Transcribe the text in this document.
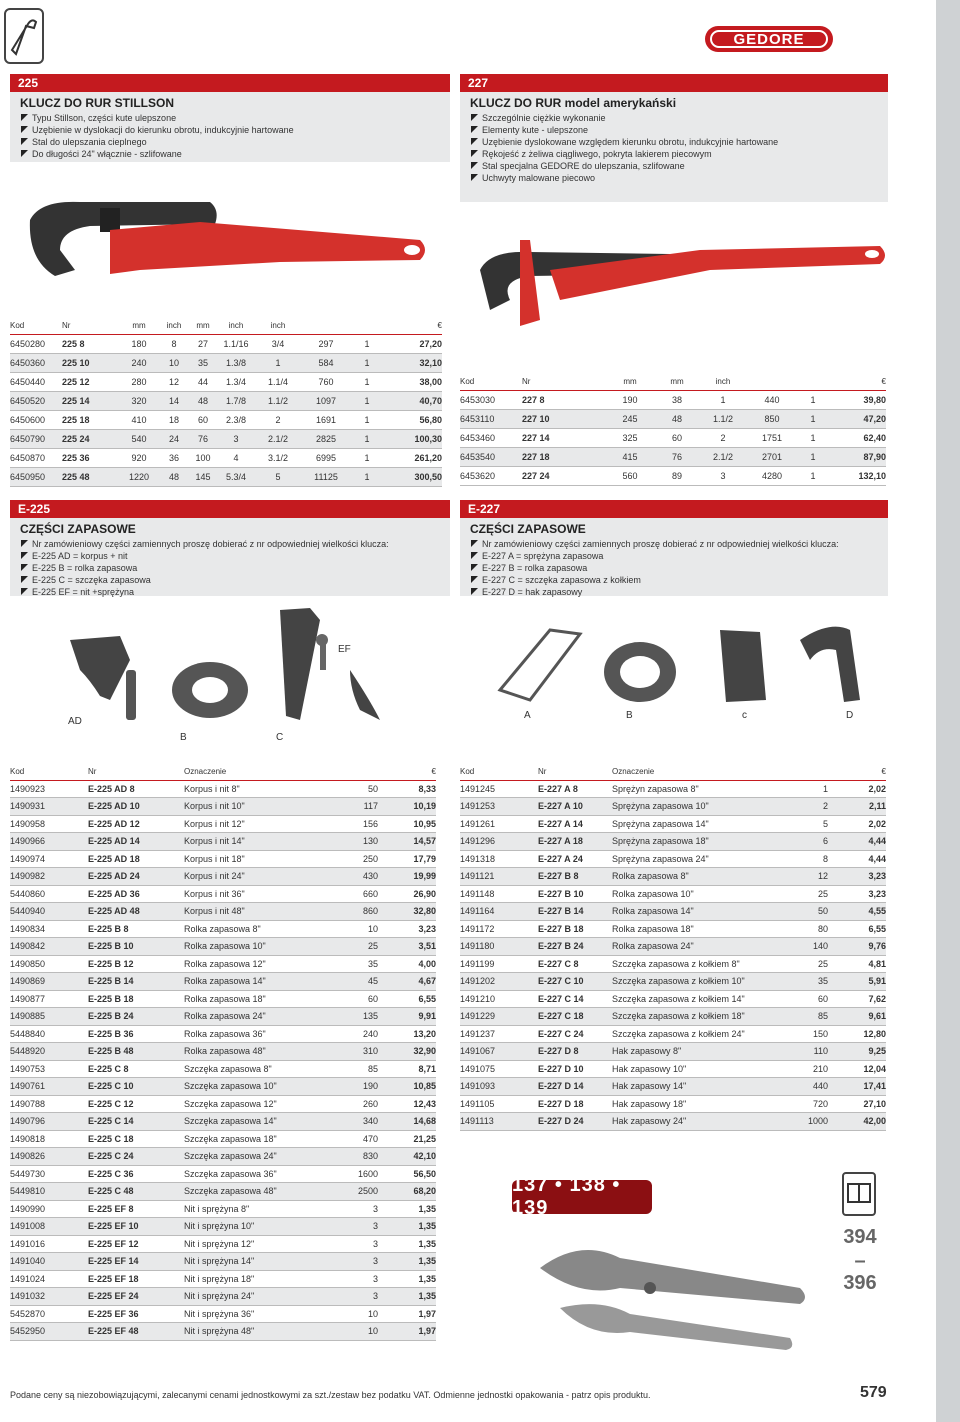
GEDORE
225
KLUCZ DO RUR STILLSON
Typu Stillson, części kute ulepszone
Uzębienie w dyslokacji do kierunku obrotu, indukcyjnie hartowane
Stal do ulepszania cieplnego
Do długości 24" włącznie - szlifowane
227
KLUCZ DO RUR model amerykański
Szczególnie ciężkie wykonanie
Elementy kute - ulepszone
Uzębienie dyslokowane względem kierunku obrotu, indukcyjnie hartowane
Rękojeść z żeliwa ciągliwego, pokryta lakierem piecowym
Stal specjalna GEDORE do ulepszania, szlifowane
Uchwyty malowane piecowo
Kod	Nr	mm	inch	mm	inch	inch			€
6450280	225 8	180	8	27	1.1/16	3/4	297	1	27,20
6450360	225 10	240	10	35	1.3/8	1	584	1	32,10
6450440	225 12	280	12	44	1.3/4	1.1/4	760	1	38,00
6450520	225 14	320	14	48	1.7/8	1.1/2	1097	1	40,70
6450600	225 18	410	18	60	2.3/8	2	1691	1	56,80
6450790	225 24	540	24	76	3	2.1/2	2825	1	100,30
6450870	225 36	920	36	100	4	3.1/2	6995	1	261,20
6450950	225 48	1220	48	145	5.3/4	5	11125	1	300,50
Kod	Nr	mm	mm	inch			€
6453030	227 8	190	38	1	440	1	39,80
6453110	227 10	245	48	1.1/2	850	1	47,20
6453460	227 14	325	60	2	1751	1	62,40
6453540	227 18	415	76	2.1/2	2701	1	87,90
6453620	227 24	560	89	3	4280	1	132,10
E-225
CZĘŚCI ZAPASOWE
Nr zamówieniowy części zamiennych proszę dobierać z nr odpowiedniej wielkości klucza:
E-225 AD = korpus + nit
E-225 B = rolka zapasowa
E-225 C = szczęka zapasowa
E-225 EF = nit +sprężyna
E-227
CZĘŚCI ZAPASOWE
Nr zamówieniowy części zamiennych proszę dobierać z nr odpowiedniej wielkości klucza:
E-227 A = sprężyna zapasowa
E-227 B = rolka zapasowa
E-227 C = szczęka zapasowa z kołkiem
E-227 D = hak zapasowy
AD
B	C
EF
A	B	c	D
Kod	Nr	Oznaczenie		€
1490923	E-225 AD 8	Korpus i nit 8"	50	8,33
1490931	E-225 AD 10	Korpus i nit 10"	117	10,19
1490958	E-225 AD 12	Korpus i nit 12"	156	10,95
1490966	E-225 AD 14	Korpus i nit 14"	130	14,57
1490974	E-225 AD 18	Korpus i nit 18"	250	17,79
1490982	E-225 AD 24	Korpus i nit 24"	430	19,99
5440860	E-225 AD 36	Korpus i nit 36"	660	26,90
5440940	E-225 AD 48	Korpus i nit 48"	860	32,80
1490834	E-225 B 8	Rolka zapasowa 8"	10	3,23
1490842	E-225 B 10	Rolka zapasowa 10"	25	3,51
1490850	E-225 B 12	Rolka zapasowa 12"	35	4,00
1490869	E-225 B 14	Rolka zapasowa 14"	45	4,67
1490877	E-225 B 18	Rolka zapasowa 18"	60	6,55
1490885	E-225 B 24	Rolka zapasowa 24"	135	9,91
5448840	E-225 B 36	Rolka zapasowa 36"	240	13,20
5448920	E-225 B 48	Rolka zapasowa 48"	310	32,90
1490753	E-225 C 8	Szczęka zapasowa 8"	85	8,71
1490761	E-225 C 10	Szczęka zapasowa 10"	190	10,85
1490788	E-225 C 12	Szczęka zapasowa 12"	260	12,43
1490796	E-225 C 14	Szczęka zapasowa 14"	340	14,68
1490818	E-225 C 18	Szczęka zapasowa 18"	470	21,25
1490826	E-225 C 24	Szczęka zapasowa 24"	830	42,10
5449730	E-225 C 36	Szczęka zapasowa 36"	1600	56,50
5449810	E-225 C 48	Szczęka zapasowa 48"	2500	68,20
1490990	E-225 EF 8	Nit i sprężyna 8"	3	1,35
1491008	E-225 EF 10	Nit i sprężyna 10"	3	1,35
1491016	E-225 EF 12	Nit i sprężyna 12"	3	1,35
1491040	E-225 EF 14	Nit i sprężyna 14"	3	1,35
1491024	E-225 EF 18	Nit i sprężyna 18"	3	1,35
1491032	E-225 EF 24	Nit i sprężyna 24"	3	1,35
5452870	E-225 EF 36	Nit i sprężyna 36"	10	1,97
5452950	E-225 EF 48	Nit i sprężyna 48"	10	1,97
Kod	Nr	Oznaczenie		€
1491245	E-227 A 8	Sprężyn zapasowa 8"	1	2,02
1491253	E-227 A 10	Sprężyna zapasowa 10"	2	2,11
1491261	E-227 A 14	Sprężyna zapasowa 14"	5	2,02
1491296	E-227 A 18	Sprężyna zapasowa 18"	6	4,44
1491318	E-227 A 24	Sprężyna zapasowa 24"	8	4,44
1491121	E-227 B 8	Rolka zapasowa 8"	12	3,23
1491148	E-227 B 10	Rolka zapasowa 10"	25	3,23
1491164	E-227 B 14	Rolka zapasowa 14"	50	4,55
1491172	E-227 B 18	Rolka zapasowa 18"	80	6,55
1491180	E-227 B 24	Rolka zapasowa 24"	140	9,76
1491199	E-227 C 8	Szczęka zapasowa z kołkiem 8"	25	4,81
1491202	E-227 C 10	Szczęka zapasowa z kołkiem 10"	35	5,91
1491210	E-227 C 14	Szczęka zapasowa z kołkiem 14"	60	7,62
1491229	E-227 C 18	Szczęka zapasowa z kołkiem 18"	85	9,61
1491237	E-227 C 24	Szczęka zapasowa z kołkiem 24"	150	12,80
1491067	E-227 D 8	Hak zapasowy 8"	110	9,25
1491075	E-227 D 10	Hak zapasowy 10"	210	12,04
1491093	E-227 D 14	Hak zapasowy 14"	440	17,41
1491105	E-227 D 18	Hak zapasowy 18"	720	27,10
1491113	E-227 D 24	Hak zapasowy 24"	1000	42,00
137 • 138 • 139
394
–
396
Podane ceny są niezobowiązującymi, zalecanymi cenami jednostkowymi za szt./zestaw bez podatku VAT. Odmienne jednostki opakowania - patrz opis produktu.	579
